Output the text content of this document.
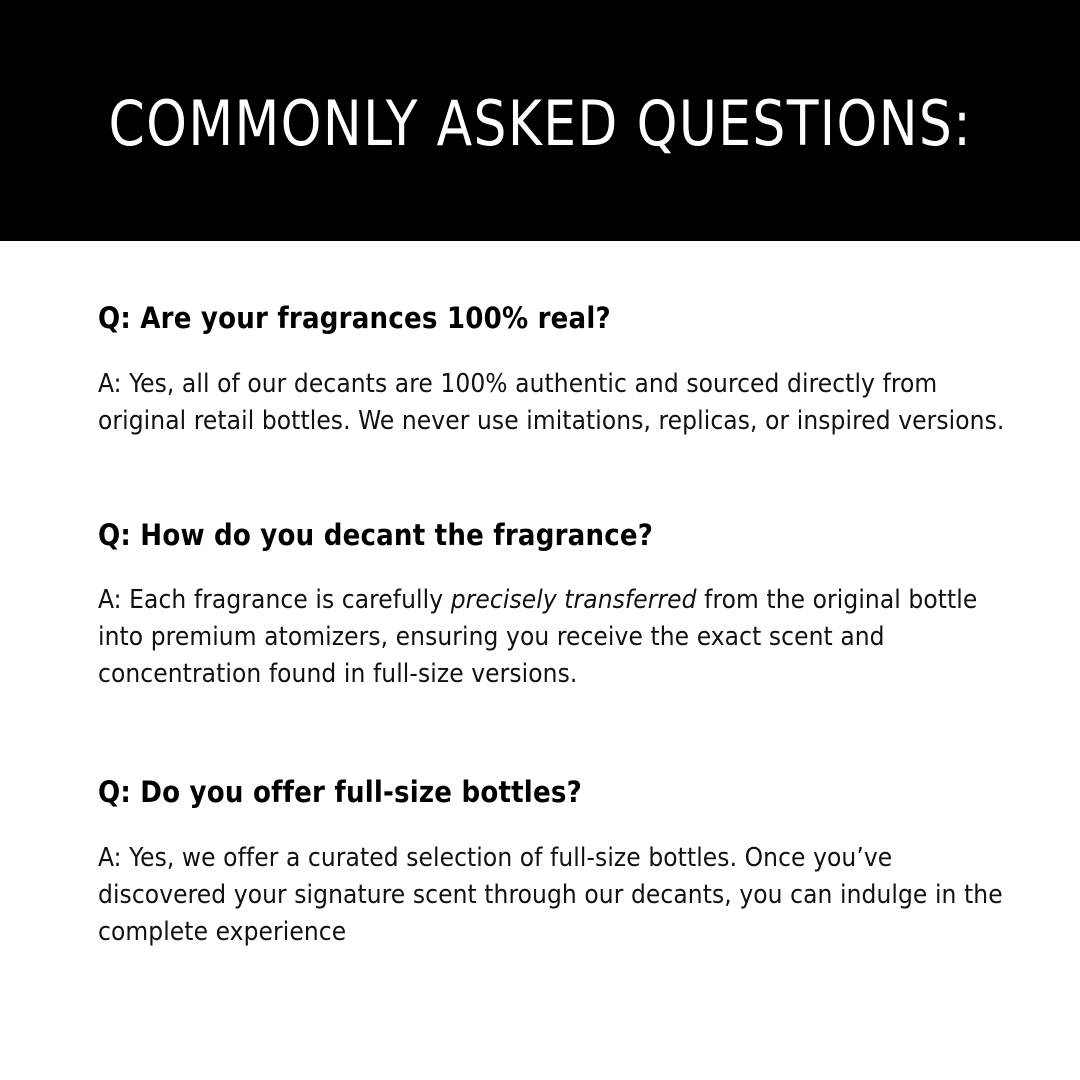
COMMONLY ASKED QUESTIONS:

Q: Are your fragrances 100% real?

A: Yes, all of our decants are 100% authentic and sourced directly from original retail bottles. We never use imitations, replicas, or inspired versions.

Q: How do you decant the fragrance?

A: Each fragrance is carefully precisely transferred from the original bottle into premium atomizers, ensuring you receive the exact scent and concentration found in full-size versions.

Q: Do you offer full-size bottles?

A: Yes, we offer a curated selection of full-size bottles. Once you’ve discovered your signature scent through our decants, you can indulge in the complete experience
